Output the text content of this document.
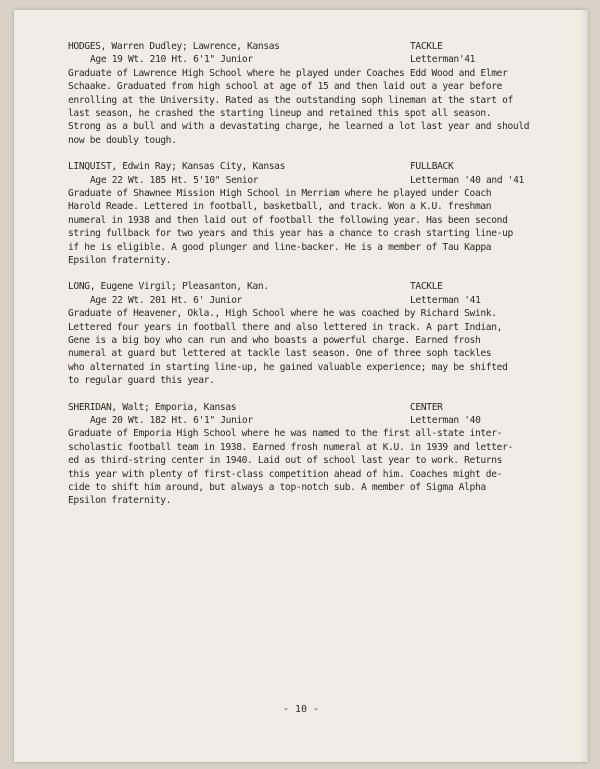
HODGES, Warren Dudley; Lawrence, Kansas	TACKLE
Age 19 Wt. 210 Ht. 6'1" Junior	Letterman'41

Graduate of Lawrence High School where he played under Coaches Edd Wood and Elmer
Schaake. Graduated from high school at age of 15 and then laid out a year before
enrolling at the University. Rated as the outstanding soph lineman at the start of
last season, he crashed the starting lineup and retained this spot all season.
Strong as a bull and with a devastating charge, he learned a lot last year and should
now be doubly tough.

LINQUIST, Edwin Ray; Kansas City, Kansas	FULLBACK
Age 22 Wt. 185 Ht. 5'10" Senior	Letterman '40 and '41

Graduate of Shawnee Mission High School in Merriam where he played under Coach
Harold Reade. Lettered in football, basketball, and track. Won a K.U. freshman
numeral in 1938 and then laid out of football the following year. Has been second
string fullback for two years and this year has a chance to crash starting line-up
if he is eligible. A good plunger and line-backer. He is a member of Tau Kappa
Epsilon fraternity.

LONG, Eugene Virgil; Pleasanton, Kan.	TACKLE
Age 22 Wt. 201 Ht. 6' Junior	Letterman '41

Graduate of Heavener, Okla., High School where he was coached by Richard Swink.
Lettered four years in football there and also lettered in track. A part Indian,
Gene is a big boy who can run and who boasts a powerful charge. Earned frosh
numeral at guard but lettered at tackle last season. One of three soph tackles
who alternated in starting line-up, he gained valuable experience; may be shifted
to regular guard this year.

SHERIDAN, Walt; Emporia, Kansas	CENTER
Age 20 Wt. 182 Ht. 6'1" Junior	Letterman '40

Graduate of Emporia High School where he was named to the first all-state inter-
scholastic football team in 1938. Earned frosh numeral at K.U. in 1939 and letter-
ed as third-string center in 1940. Laid out of school last year to work. Returns
this year with plenty of first-class competition ahead of him. Coaches might de-
cide to shift him around, but always a top-notch sub. A member of Sigma Alpha
Epsilon fraternity.

- 10 -
